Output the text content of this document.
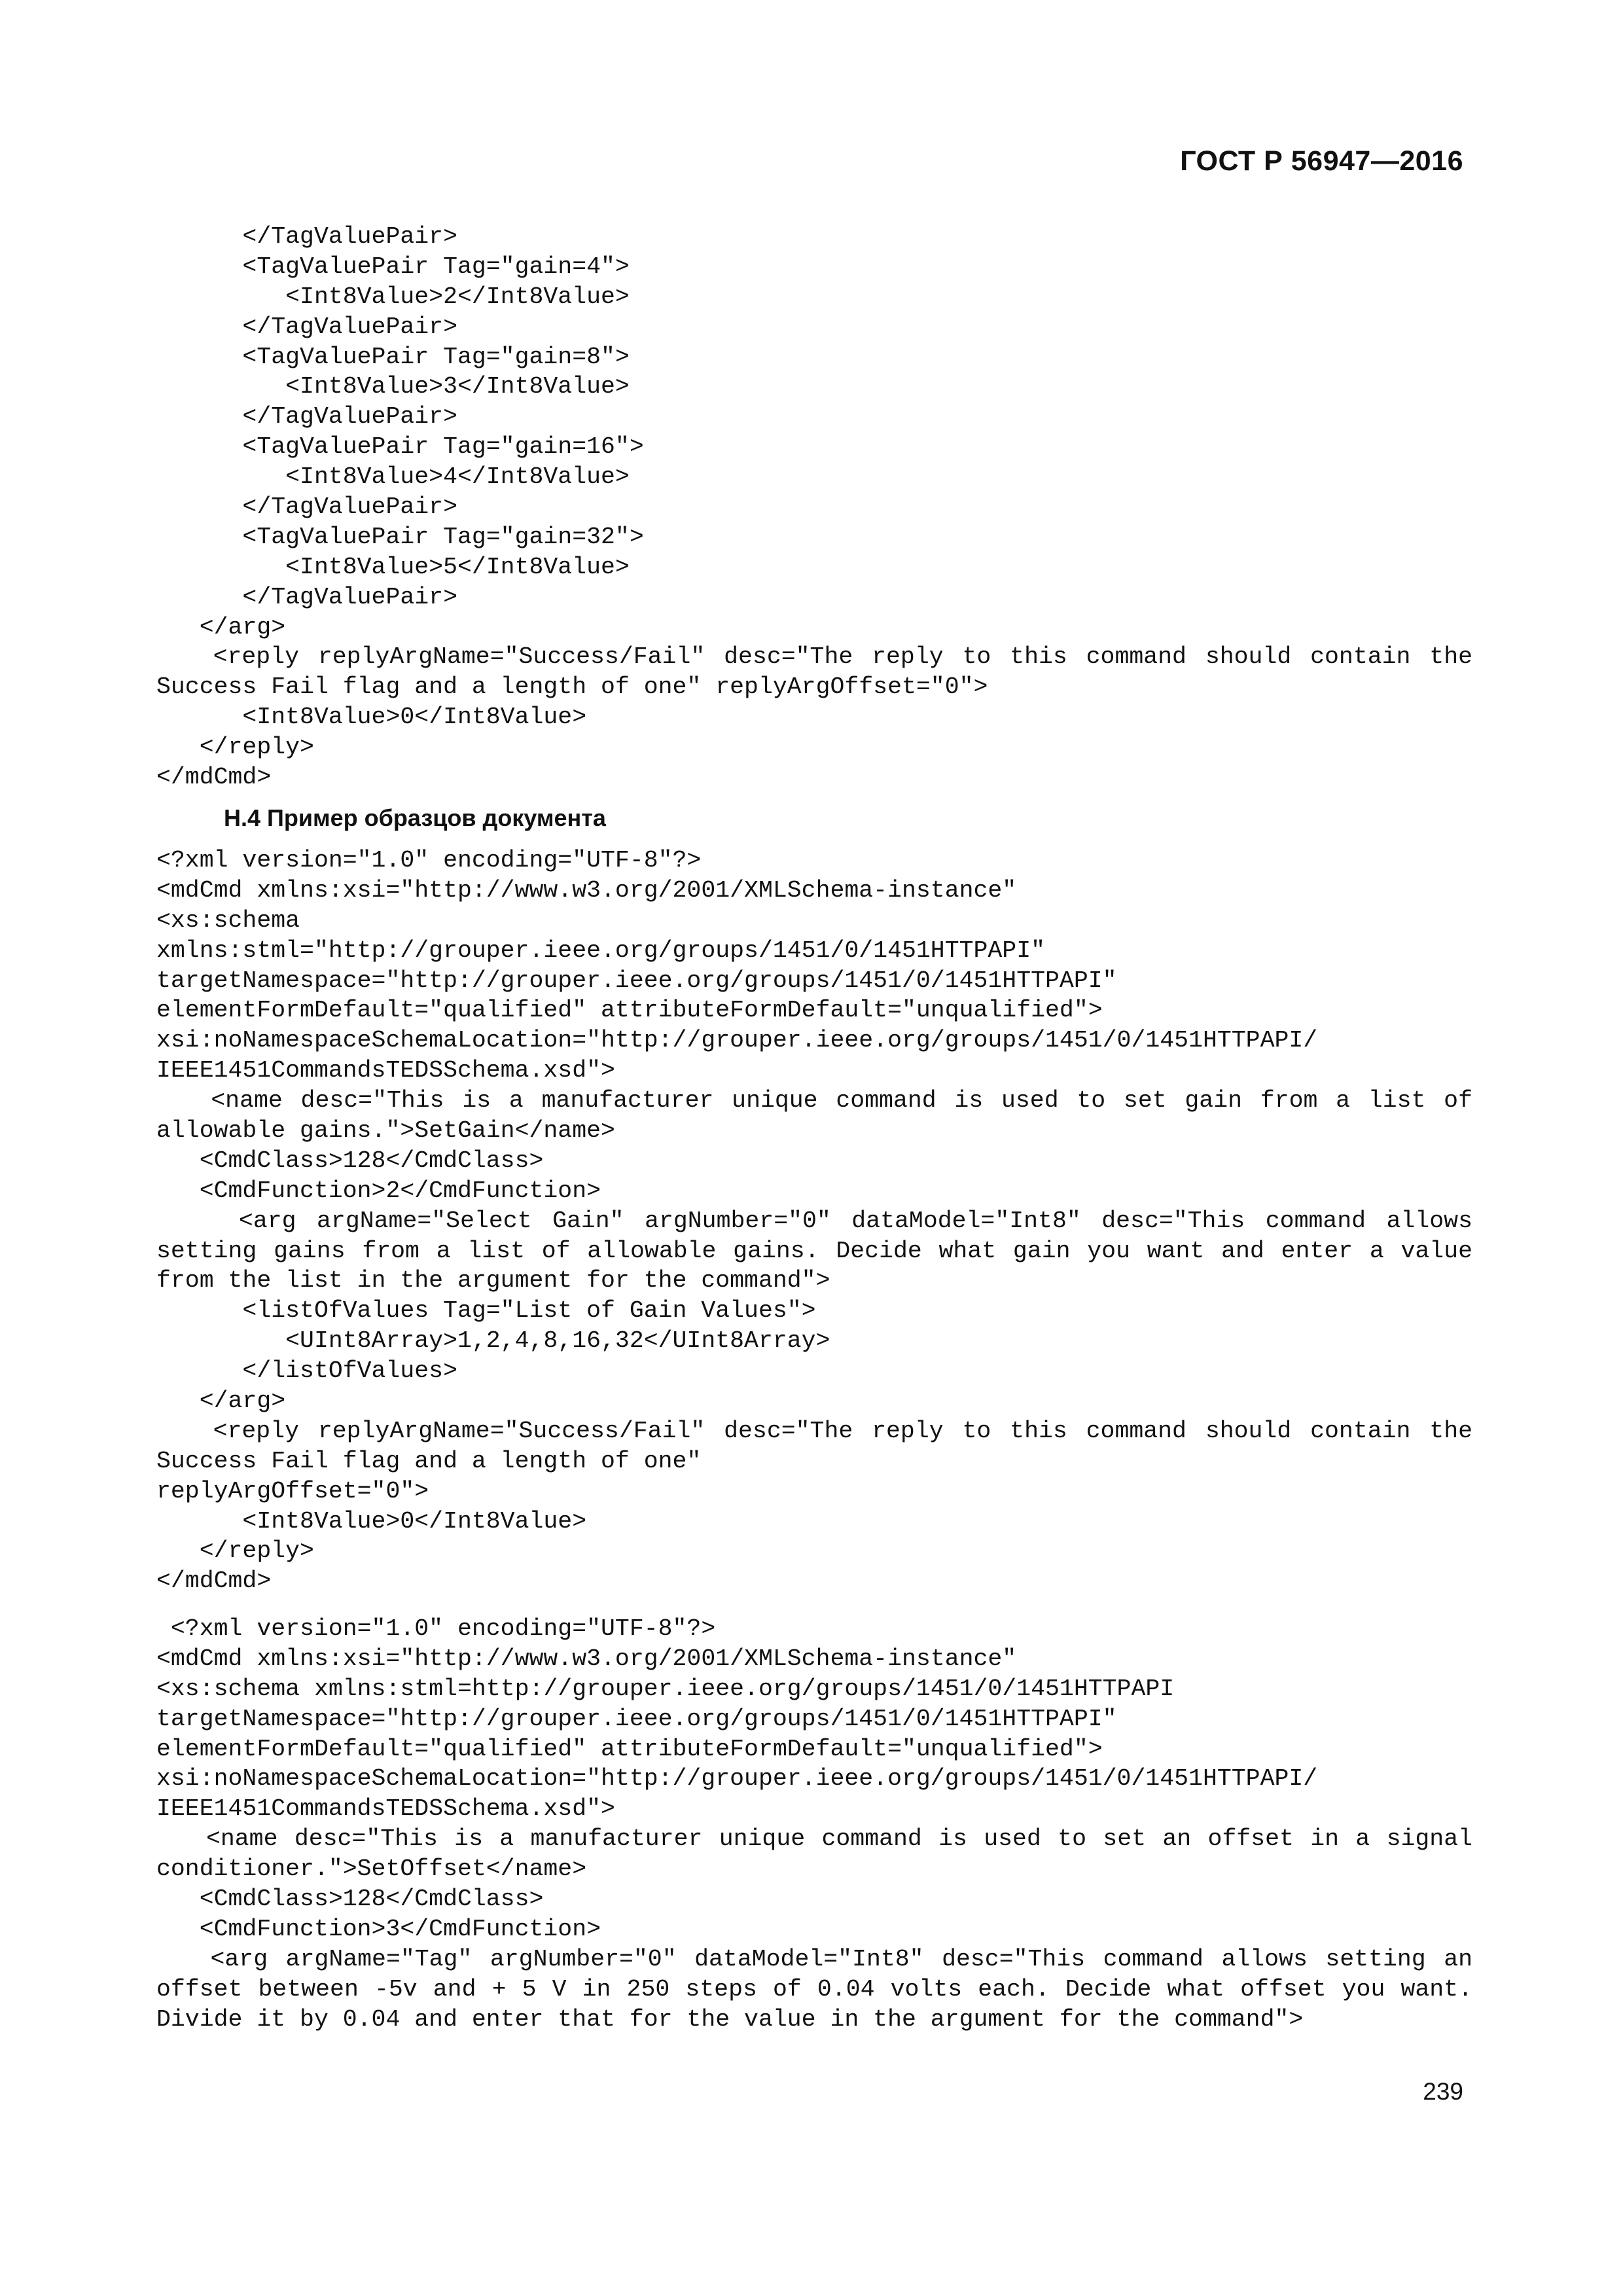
ГОСТ Р 56947—2016
</TagValuePair>
<TagValuePair Tag="gain=4">
<Int8Value>2</Int8Value>
</TagValuePair>
<TagValuePair Tag="gain=8">
<Int8Value>3</Int8Value>
</TagValuePair>
<TagValuePair Tag="gain=16">
<Int8Value>4</Int8Value>
</TagValuePair>
<TagValuePair Tag="gain=32">
<Int8Value>5</Int8Value>
</TagValuePair>
</arg>
<reply replyArgName="Success/Fail" desc="The reply to this command should contain the
Success Fail flag and a length of one" replyArgOffset="0">
<Int8Value>0</Int8Value>
</reply>
</mdCmd>
Н.4 Пример образцов документа
<?xml version="1.0" encoding="UTF-8"?>
<mdCmd xmlns:xsi="http://www.w3.org/2001/XMLSchema-instance"
<xs:schema
xmlns:stml="http://grouper.ieee.org/groups/1451/0/1451HTTPAPI"
targetNamespace="http://grouper.ieee.org/groups/1451/0/1451HTTPAPI"
elementFormDefault="qualified" attributeFormDefault="unqualified">
xsi:noNamespaceSchemaLocation="http://grouper.ieee.org/groups/1451/0/1451HTTPAPI/
IEEE1451CommandsTEDSSchema.xsd">
<name desc="This is a manufacturer unique command is used to set gain from a list of
allowable gains.">SetGain</name>
<CmdClass>128</CmdClass>
<CmdFunction>2</CmdFunction>
<arg argName="Select Gain" argNumber="0" dataModel="Int8" desc="This command allows
setting gains from a list of allowable gains. Decide what gain you want and enter a value
from the list in the argument for the command">
<listOfValues Tag="List of Gain Values">
<UInt8Array>1,2,4,8,16,32</UInt8Array>
</listOfValues>
</arg>
<reply replyArgName="Success/Fail" desc="The reply to this command should contain the
Success Fail flag and a length of one"
replyArgOffset="0">
<Int8Value>0</Int8Value>
</reply>
</mdCmd>
<?xml version="1.0" encoding="UTF-8"?>
<mdCmd xmlns:xsi="http://www.w3.org/2001/XMLSchema-instance"
<xs:schema xmlns:stml=http://grouper.ieee.org/groups/1451/0/1451HTTPAPI
targetNamespace="http://grouper.ieee.org/groups/1451/0/1451HTTPAPI"
elementFormDefault="qualified" attributeFormDefault="unqualified">
xsi:noNamespaceSchemaLocation="http://grouper.ieee.org/groups/1451/0/1451HTTPAPI/
IEEE1451CommandsTEDSSchema.xsd">
<name desc="This is a manufacturer unique command is used to set an offset in a signal
conditioner.">SetOffset</name>
<CmdClass>128</CmdClass>
<CmdFunction>3</CmdFunction>
<arg argName="Tag" argNumber="0" dataModel="Int8" desc="This command allows setting an
offset between -5v and + 5 V in 250 steps of 0.04 volts each. Decide what offset you want.
Divide it by 0.04 and enter that for the value in the argument for the command">
239
